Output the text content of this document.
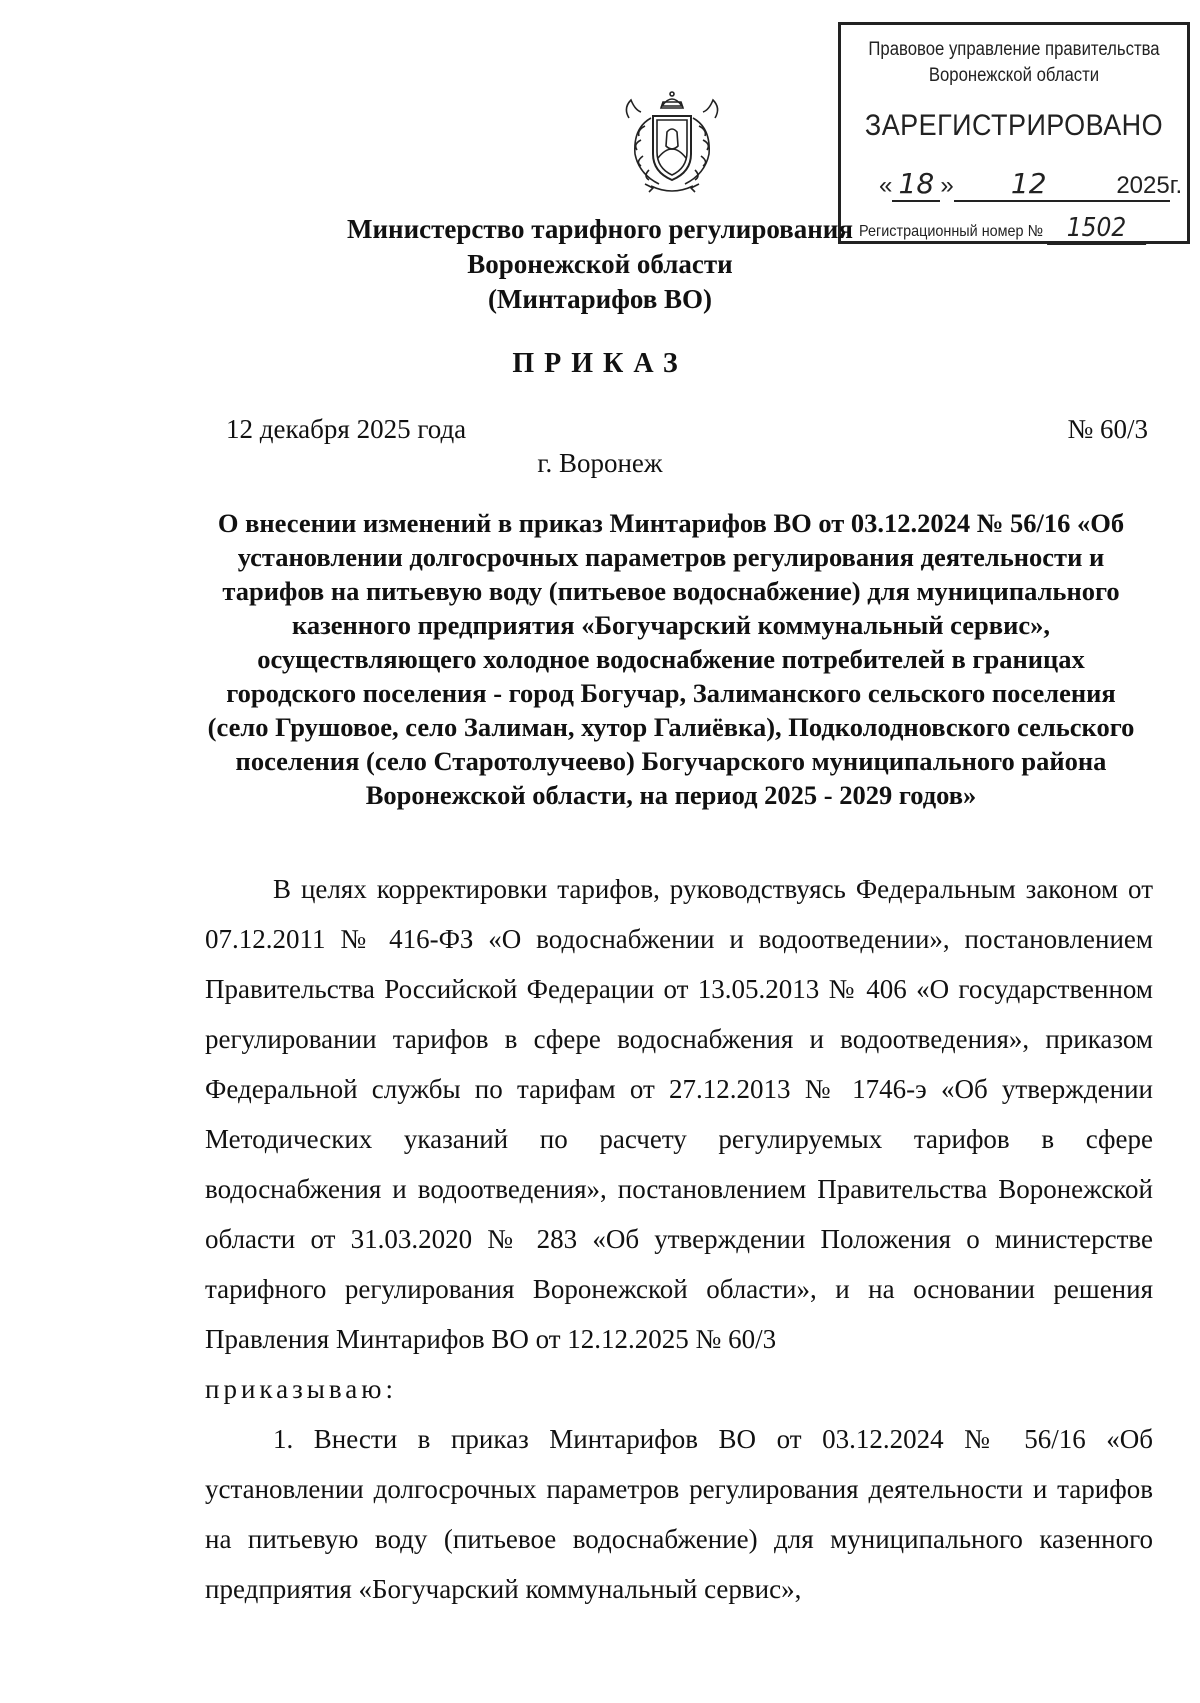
Правовое управление правительства
Воронежской области
ЗАРЕГИСТРИРОВАНО
« 18 » 12	2025г.
Регистрационный номер № 1502
Министерство тарифного регулирования
Воронежской области
(Минтарифов ВО)
ПРИКАЗ
12 декабря 2025 года	№ 60/3
г. Воронеж
О внесении изменений в приказ Минтарифов ВО от 03.12.2024 № 56/16 «Об установлении долгосрочных параметров регулирования деятельности и тарифов на питьевую воду (питьевое водоснабжение) для муниципального казенного предприятия «Богучарский коммунальный сервис», осуществляющего холодное водоснабжение потребителей в границах городского поселения - город Богучар, Залиманского сельского поселения (село Грушовое, село Залиман, хутор Галиёвка), Подколодновского сельского поселения (село Старотолучеево) Богучарского муниципального района Воронежской области, на период 2025 - 2029 годов»

В целях корректировки тарифов, руководствуясь Федеральным законом от 07.12.2011 № 416-ФЗ «О водоснабжении и водоотведении», постановлением Правительства Российской Федерации от 13.05.2013 № 406 «О государственном регулировании тарифов в сфере водоснабжения и водоотведения», приказом Федеральной службы по тарифам от 27.12.2013 № 1746-э «Об утверждении Методических указаний по расчету регулируемых тарифов в сфере водоснабжения и водоотведения», постановлением Правительства Воронежской области от 31.03.2020 № 283 «Об утверждении Положения о министерстве тарифного регулирования Воронежской области», и на основании решения Правления Минтарифов ВО от 12.12.2025 № 60/3

приказываю:

1. Внести в приказ Минтарифов ВО от 03.12.2024 № 56/16 «Об установлении долгосрочных параметров регулирования деятельности и тарифов на питьевую воду (питьевое водоснабжение) для муниципального казенного предприятия «Богучарский коммунальный сервис»,
